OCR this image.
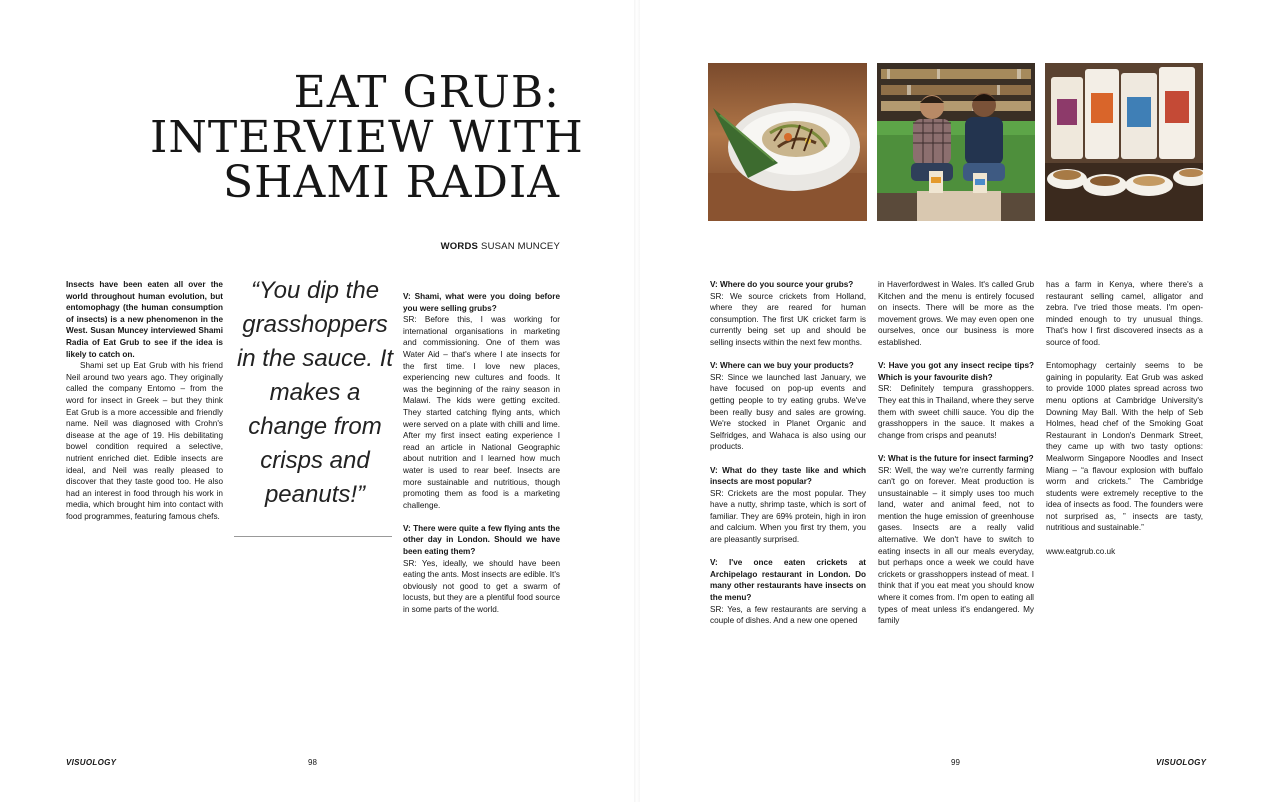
EAT GRUB:
INTERVIEW WITH
SHAMI RADIA
WORDS SUSAN MUNCEY

Insects have been eaten all over the world throughout human evolution, but entomophagy (the human consumption of insects) is a new phenomenon in the West. Susan Muncey interviewed Shami Radia of Eat Grub to see if the idea is likely to catch on.

Shami set up Eat Grub with his friend Neil around two years ago. They originally called the company Entomo – from the word for insect in Greek – but they think Eat Grub is a more accessible and friendly name. Neil was diagnosed with Crohn's disease at the age of 19. His debilitating bowel condition required a selective, nutrient enriched diet. Edible insects are ideal, and Neil was really pleased to discover that they taste good too. He also had an interest in food through his work in media, which brought him into contact with food programmes, featuring famous chefs.

“You dip the grasshoppers in the sauce. It makes a change from crisps and peanuts!”

V: Shami, what were you doing before you were selling grubs?

SR: Before this, I was working for international organisations in marketing and commissioning. One of them was Water Aid – that's where I ate insects for the first time. I love new places, experiencing new cultures and foods. It was the beginning of the rainy season in Malawi. The kids were getting excited. They started catching flying ants, which were served on a plate with chilli and lime. After my first insect eating experience I read an article in National Geographic about nutrition and I learned how much water is used to rear beef. Insects are more sustainable and nutritious, though promoting them as food is a marketing challenge.

V: There were quite a few flying ants the other day in London. Should we have been eating them?

SR: Yes, ideally, we should have been eating the ants. Most insects are edible. It's obviously not good to get a swarm of locusts, but they are a plentiful food source in some parts of the world.

VISUOLOGY	98

V: Where do you source your grubs?

SR: We source crickets from Holland, where they are reared for human consumption. The first UK cricket farm is currently being set up and should be selling insects within the next few months.

V: Where can we buy your products?

SR: Since we launched last January, we have focused on pop-up events and getting people to try eating grubs. We've been really busy and sales are growing. We're stocked in Planet Organic and Selfridges, and Wahaca is also using our products.

V: What do they taste like and which insects are most popular?

SR: Crickets are the most popular. They have a nutty, shrimp taste, which is sort of familiar. They are 69% protein, high in iron and calcium. When you first try them, you are pleasantly surprised.

V: I've once eaten crickets at Archipelago restaurant in London. Do many other restaurants have insects on the menu?

SR: Yes, a few restaurants are serving a couple of dishes. And a new one opened

in Haverfordwest in Wales. It's called Grub Kitchen and the menu is entirely focused on insects. There will be more as the movement grows. We may even open one ourselves, once our business is more established.

V: Have you got any insect recipe tips? Which is your favourite dish?

SR: Definitely tempura grasshoppers. They eat this in Thailand, where they serve them with sweet chilli sauce. You dip the grasshoppers in the sauce. It makes a change from crisps and peanuts!

V: What is the future for insect farming?

SR: Well, the way we're currently farming can't go on forever. Meat production is unsustainable – it simply uses too much land, water and animal feed, not to mention the huge emission of greenhouse gases. Insects are a really valid alternative. We don't have to switch to eating insects in all our meals everyday, but perhaps once a week we could have crickets or grasshoppers instead of meat. I think that if you eat meat you should know where it comes from. I'm open to eating all types of meat unless it's endangered. My family

has a farm in Kenya, where there's a restaurant selling camel, alligator and zebra. I've tried those meats. I'm open-minded enough to try unusual things. That's how I first discovered insects as a source of food.

Entomophagy certainly seems to be gaining in popularity. Eat Grub was asked to provide 1000 plates spread across two menu options at Cambridge University's Downing May Ball. With the help of Seb Holmes, head chef of the Smoking Goat Restaurant in London's Denmark Street, they came up with two tasty options: Mealworm Singapore Noodles and Insect Miang – “a flavour explosion with buffalo worm and crickets.” The Cambridge students were extremely receptive to the idea of insects as food. The founders were not surprised as, ” insects are tasty, nutritious and sustainable.”

www.eatgrub.co.uk

99	VISUOLOGY
